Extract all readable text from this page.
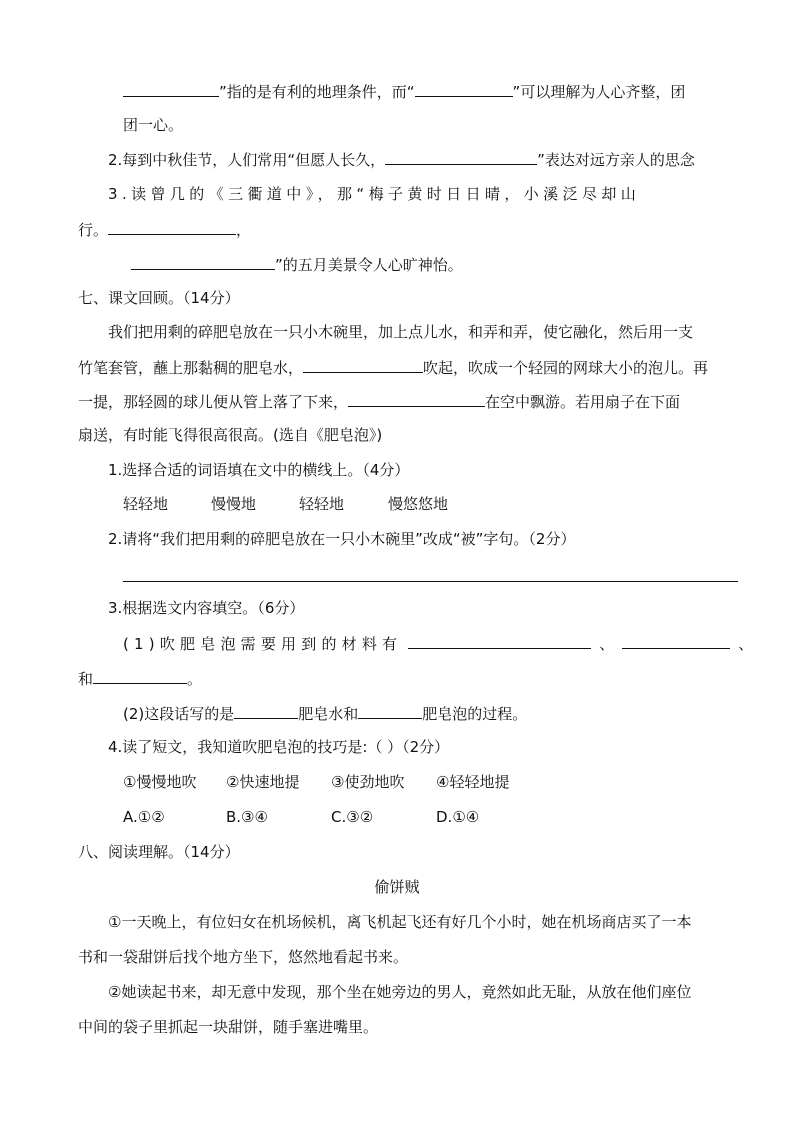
”指的是有利的地理条件，而“	”可以理解为人心齐整，团
团一心。
2.每到中秋佳节，人们常用“但愿人长久，	”表达对远方亲人的思念
3.读曾几的《三衢道中》，那“梅子黄时日日晴，小溪泛尽却山
行。	，
”的五月美景令人心旷神怡。
七、课文回顾。（14分）
我们把用剩的碎肥皂放在一只小木碗里，加上点儿水，和弄和弄，使它融化，然后用一支
竹笔套管，蘸上那黏稠的肥皂水，	吹起，吹成一个轻园的网球大小的泡儿。再
一提，那轻圆的球儿便从管上落了下来，	在空中飘游。若用扇子在下面
扇送，有时能飞得很高很高。(选自《肥皂泡》)
1.选择合适的词语填在文中的横线上。（4分）
轻轻地	慢慢地	轻轻地	慢悠悠地
2.请将“我们把用剩的碎肥皂放在一只小木碗里”改成“被”字句。（2分）
3.根据选文内容填空。（6分）
(1)吹肥皂泡需要用到的材料有	、	、
和	。
(2)这段话写的是	肥皂水和	肥皂泡的过程。
4.读了短文，我知道吹肥皂泡的技巧是:（ ）（2分）
①慢慢地吹 ②快速地提 ③使劲地吹 ④轻轻地提
A.①②	B.③④	C.③②	D.①④
八、阅读理解。（14分）
偷饼贼
①一天晚上，有位妇女在机场候机，离飞机起飞还有好几个小时，她在机场商店买了一本
书和一袋甜饼后找个地方坐下，悠然地看起书来。
②她读起书来，却无意中发现，那个坐在她旁边的男人，竟然如此无耻，从放在他们座位
中间的袋子里抓起一块甜饼，随手塞进嘴里。
